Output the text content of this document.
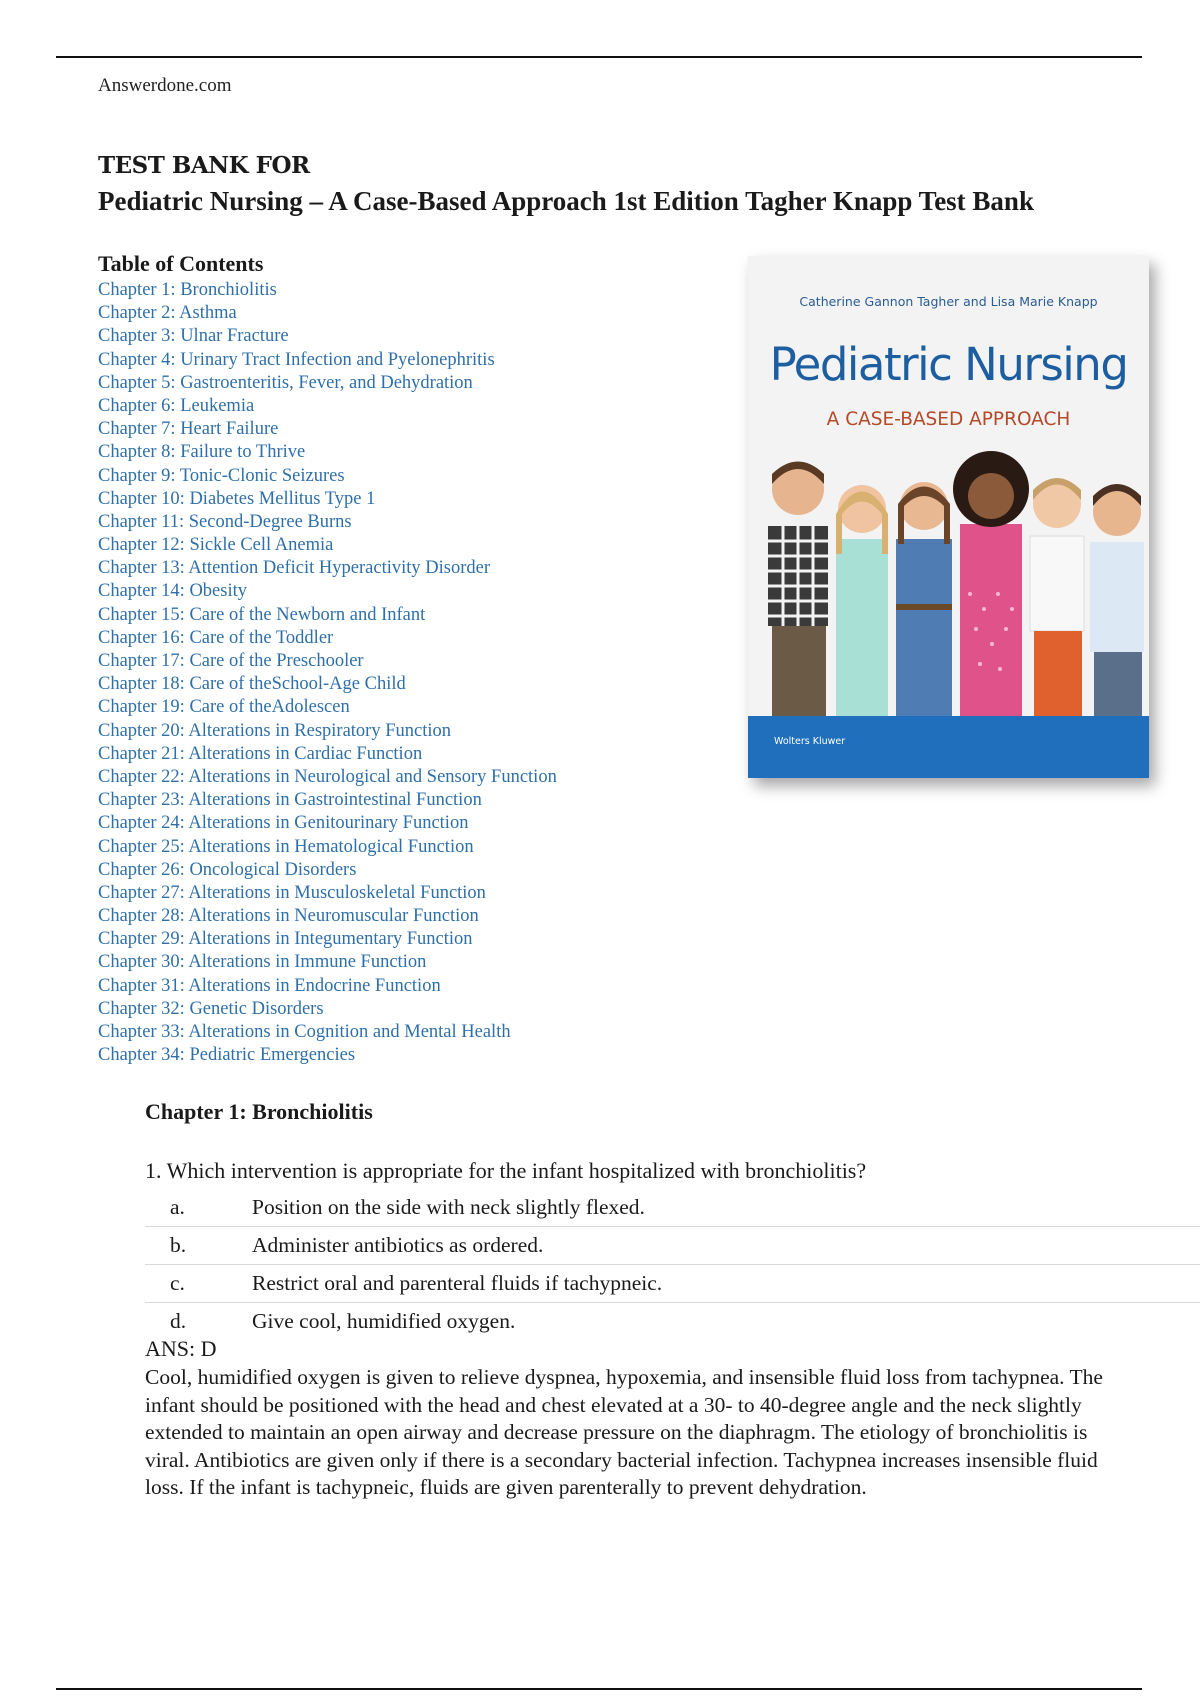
Answerdone.com
TEST BANK FOR
Pediatric Nursing – A Case-Based Approach 1st Edition Tagher Knapp Test Bank
Table of Contents
Chapter 1: Bronchiolitis
Chapter 2: Asthma
Chapter 3: Ulnar Fracture
Chapter 4: Urinary Tract Infection and Pyelonephritis
Chapter 5: Gastroenteritis, Fever, and Dehydration
Chapter 6: Leukemia
Chapter 7: Heart Failure
Chapter 8: Failure to Thrive
Chapter 9: Tonic-Clonic Seizures
Chapter 10: Diabetes Mellitus Type 1
Chapter 11: Second-Degree Burns
Chapter 12: Sickle Cell Anemia
Chapter 13: Attention Deficit Hyperactivity Disorder
Chapter 14: Obesity
Chapter 15: Care of the Newborn and Infant
Chapter 16: Care of the Toddler
Chapter 17: Care of the Preschooler
Chapter 18: Care of theSchool-Age Child
Chapter 19: Care of theAdolescen
Chapter 20: Alterations in Respiratory Function
Chapter 21: Alterations in Cardiac Function
Chapter 22: Alterations in Neurological and Sensory Function
Chapter 23: Alterations in Gastrointestinal Function
Chapter 24: Alterations in Genitourinary Function
Chapter 25: Alterations in Hematological Function
Chapter 26: Oncological Disorders
Chapter 27: Alterations in Musculoskeletal Function
Chapter 28: Alterations in Neuromuscular Function
Chapter 29: Alterations in Integumentary Function
Chapter 30: Alterations in Immune Function
Chapter 31: Alterations in Endocrine Function
Chapter 32: Genetic Disorders
Chapter 33: Alterations in Cognition and Mental Health
Chapter 34: Pediatric Emergencies
Catherine Gannon Tagher and Lisa Marie Knapp
Pediatric Nursing
A CASE-BASED APPROACH
Wolters Kluwer
Chapter 1: Bronchiolitis
1. Which intervention is appropriate for the infant hospitalized with bronchiolitis?
a.	Position on the side with neck slightly flexed.
b.	Administer antibiotics as ordered.
c.	Restrict oral and parenteral fluids if tachypneic.
d.	Give cool, humidified oxygen.
ANS: D

Cool, humidified oxygen is given to relieve dyspnea, hypoxemia, and insensible fluid loss from tachypnea. The infant should be positioned with the head and chest elevated at a 30- to 40-degree angle and the neck slightly extended to maintain an open airway and decrease pressure on the diaphragm. The etiology of bronchiolitis is viral. Antibiotics are given only if there is a secondary bacterial infection. Tachypnea increases insensible fluid loss. If the infant is tachypneic, fluids are given parenterally to prevent dehydration.
